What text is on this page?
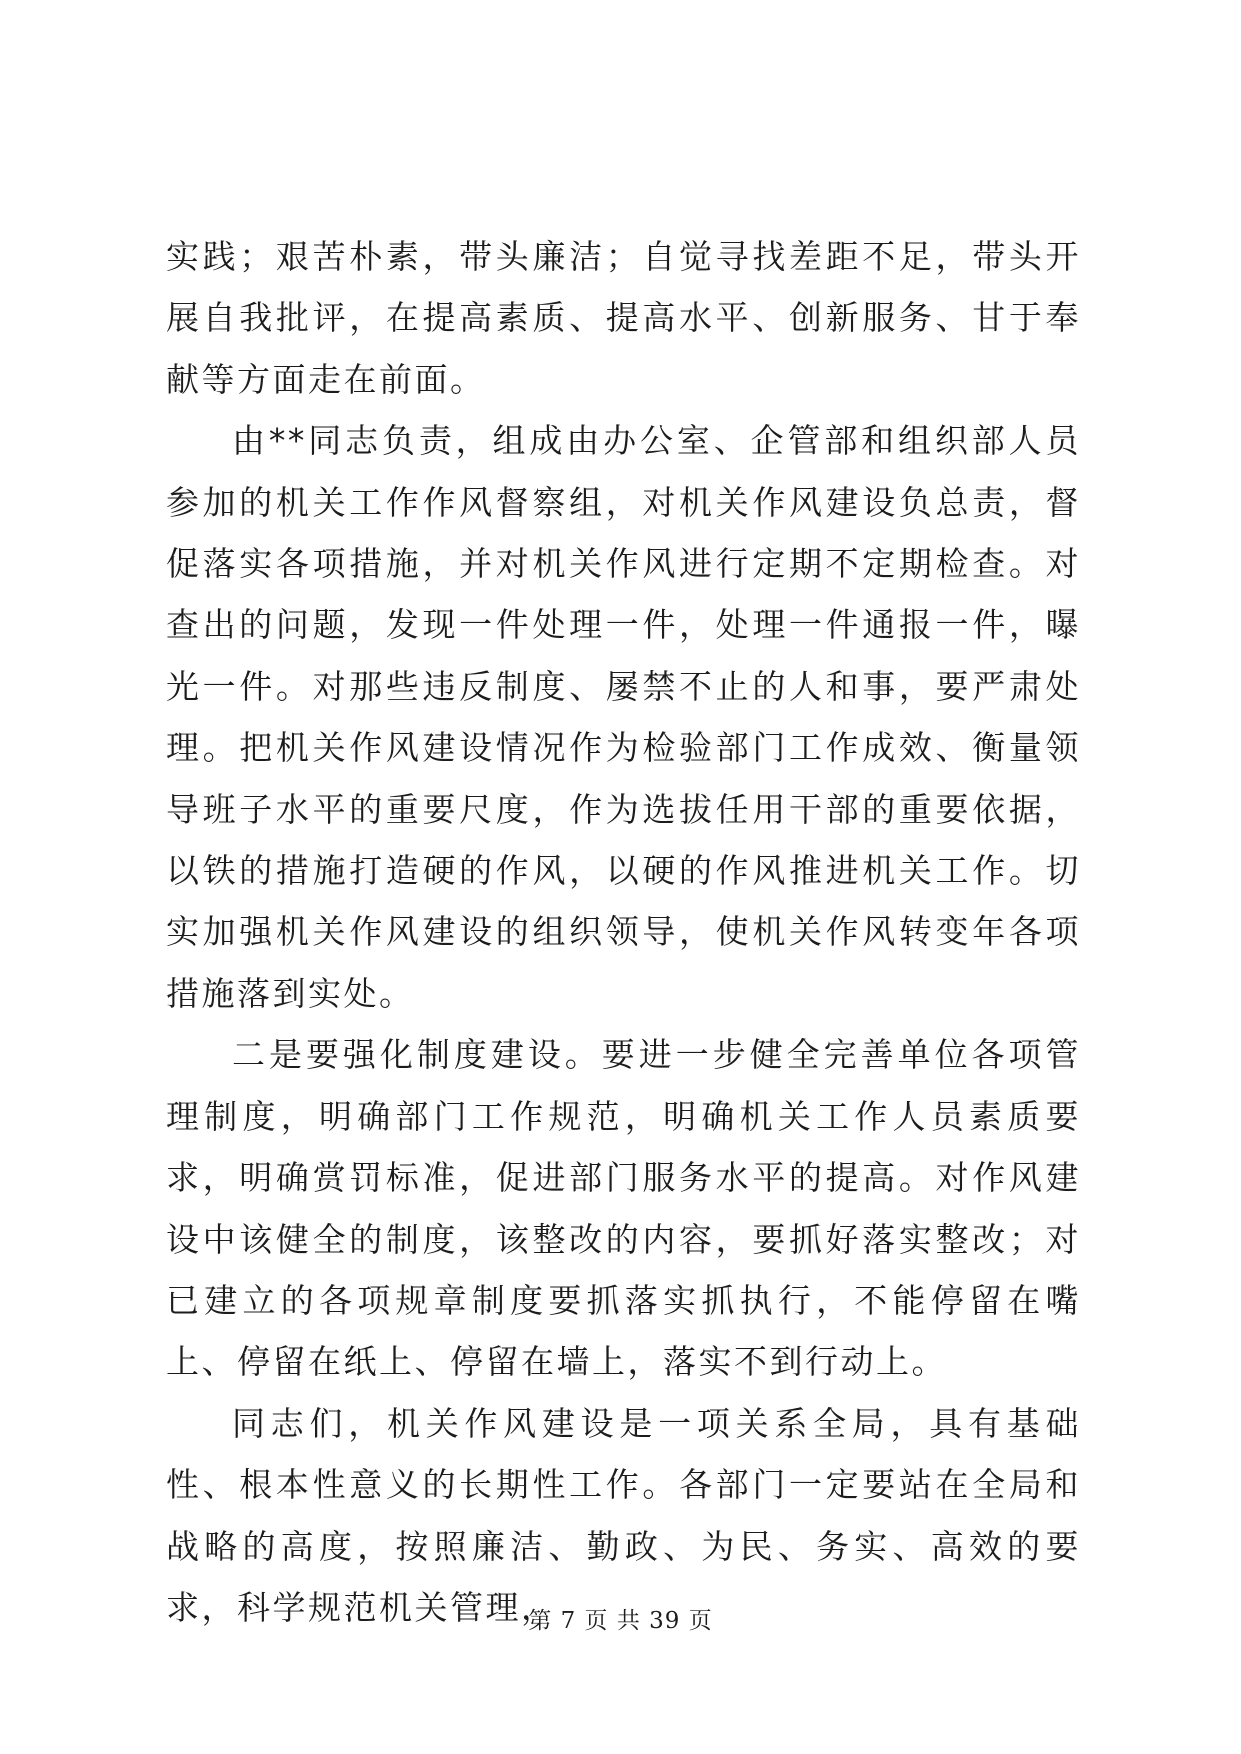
实践；艰苦朴素，带头廉洁；自觉寻找差距不足，带头开展自我批评，在提高素质、提高水平、创新服务、甘于奉献等方面走在前面。

由**同志负责，组成由办公室、企管部和组织部人员参加的机关工作作风督察组，对机关作风建设负总责，督促落实各项措施，并对机关作风进行定期不定期检查。对查出的问题，发现一件处理一件，处理一件通报一件，曝光一件。对那些违反制度、屡禁不止的人和事，要严肃处理。把机关作风建设情况作为检验部门工作成效、衡量领导班子水平的重要尺度，作为选拔任用干部的重要依据，以铁的措施打造硬的作风，以硬的作风推进机关工作。切实加强机关作风建设的组织领导，使机关作风转变年各项措施落到实处。

二是要强化制度建设。要进一步健全完善单位各项管理制度，明确部门工作规范，明确机关工作人员素质要求，明确赏罚标准，促进部门服务水平的提高。对作风建设中该健全的制度，该整改的内容，要抓好落实整改；对已建立的各项规章制度要抓落实抓执行，不能停留在嘴上、停留在纸上、停留在墙上，落实不到行动上。

同志们，机关作风建设是一项关系全局，具有基础性、根本性意义的长期性工作。各部门一定要站在全局和战略的高度，按照廉洁、勤政、为民、务实、高效的要求，科学规范机关管理，

第 7 页 共 39 页
